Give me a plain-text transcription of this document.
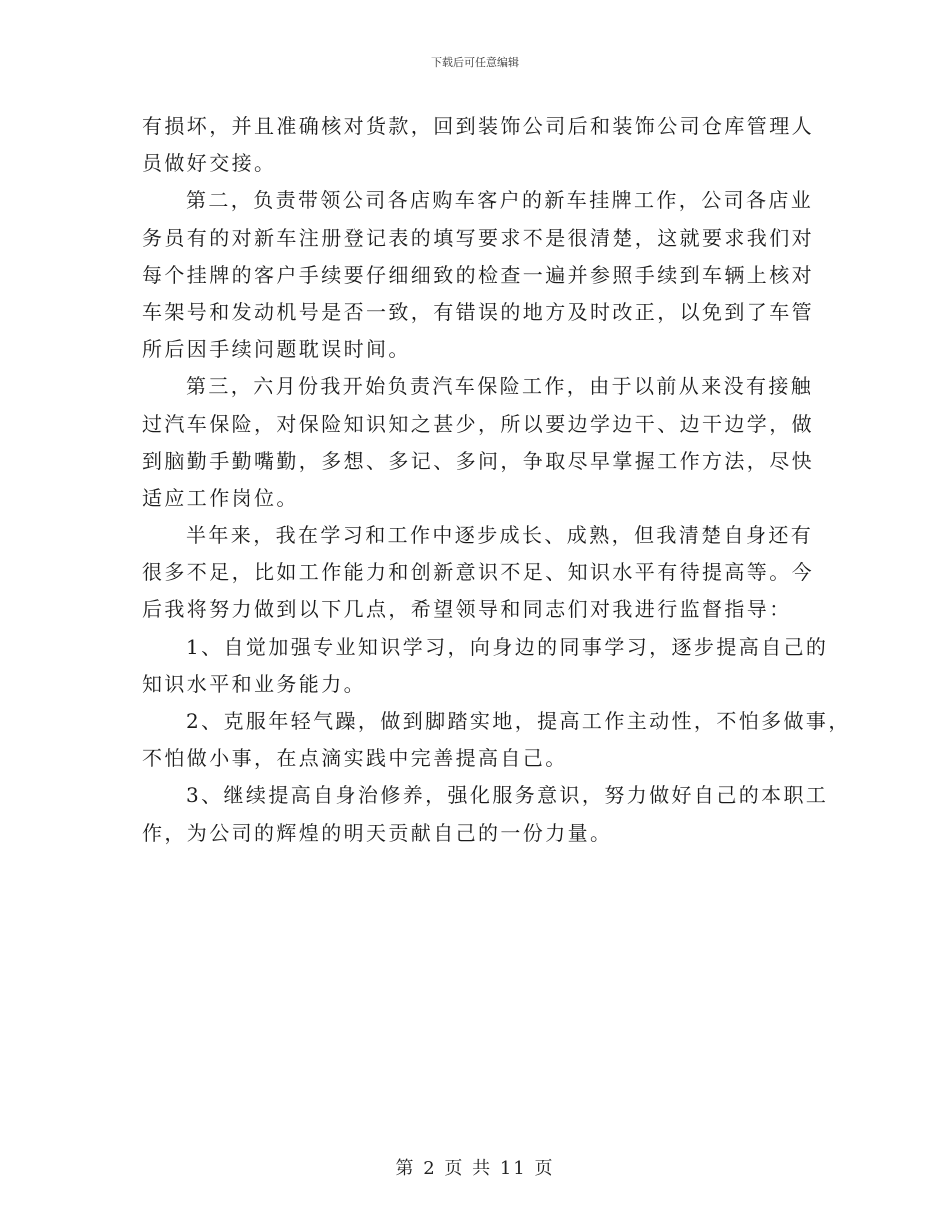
下载后可任意编辑
有损坏，并且准确核对货款，回到装饰公司后和装饰公司仓库管理人
员做好交接。
第二，负责带领公司各店购车客户的新车挂牌工作，公司各店业
务员有的对新车注册登记表的填写要求不是很清楚，这就要求我们对
每个挂牌的客户手续要仔细细致的检查一遍并参照手续到车辆上核对
车架号和发动机号是否一致，有错误的地方及时改正，以免到了车管
所后因手续问题耽误时间。
第三，六月份我开始负责汽车保险工作，由于以前从来没有接触
过汽车保险，对保险知识知之甚少，所以要边学边干、边干边学，做
到脑勤手勤嘴勤，多想、多记、多问，争取尽早掌握工作方法，尽快
适应工作岗位。
半年来，我在学习和工作中逐步成长、成熟，但我清楚自身还有
很多不足，比如工作能力和创新意识不足、知识水平有待提高等。今
后我将努力做到以下几点，希望领导和同志们对我进行监督指导：
1、自觉加强专业知识学习，向身边的同事学习，逐步提高自己的
知识水平和业务能力。
2、克服年轻气躁，做到脚踏实地，提高工作主动性，不怕多做事，
不怕做小事，在点滴实践中完善提高自己。
3、继续提高自身治修养，强化服务意识，努力做好自己的本职工
作，为公司的辉煌的明天贡献自己的一份力量。
第 2 页 共 11 页
